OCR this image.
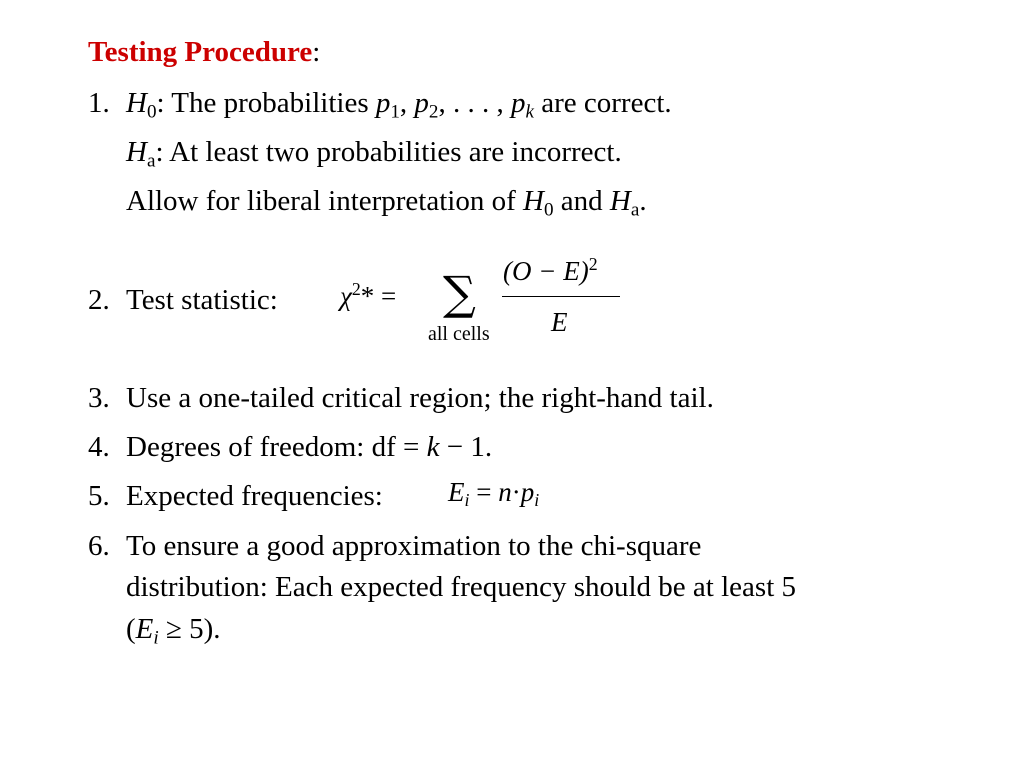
Testing Procedure:
1. $H_0$: The probabilities $p_1$, $p_2$, . . . , $p_k$ are correct.
$H_a$: At least two probabilities are incorrect.
Allow for liberal interpretation of $H_0$ and $H_a$.
2. Test statistic: $\chi^2*$ = ∑
all cells
$(O - E)^2$
E
3. Use a one-tailed critical region; the right-hand tail.
4. Degrees of freedom: df = k − 1.
5. Expected frequencies: $E_i = n\cdot p_i$
6. To ensure a good approximation to the chi-square
distribution: Each expected frequency should be at least 5
$(E_i \ge 5)$.
